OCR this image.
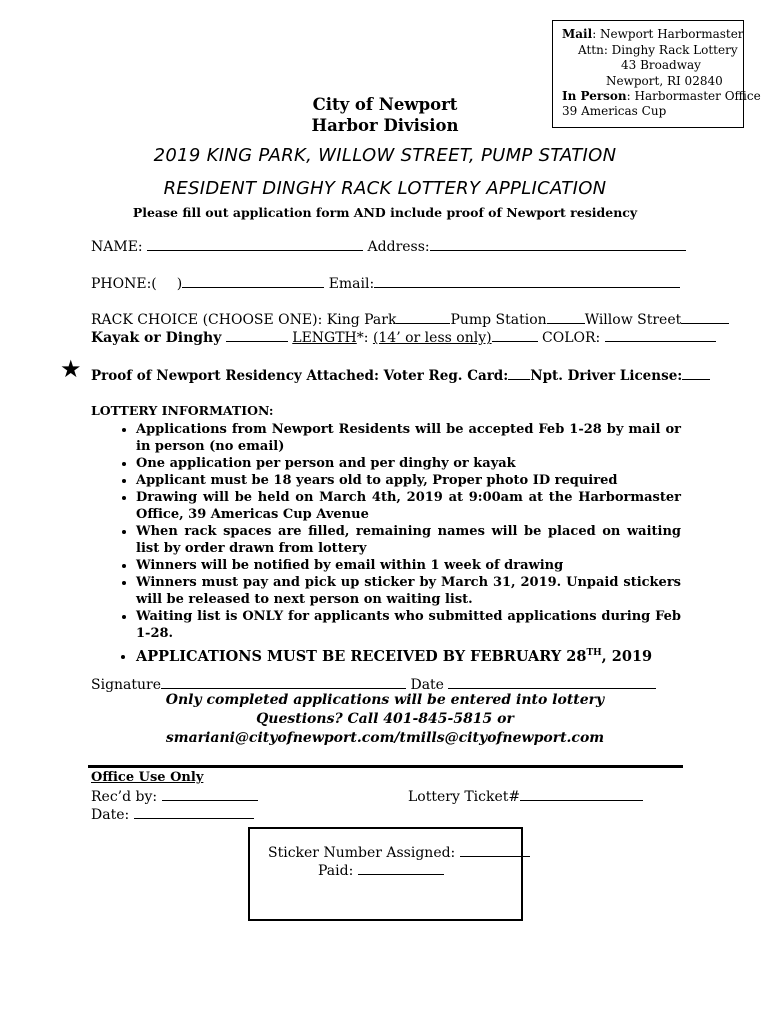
Mail: Newport Harbormaster
Attn: Dinghy Rack Lottery
43 Broadway
Newport, RI 02840
In Person: Harbormaster Office
39 Americas Cup
City of Newport
Harbor Division
2019 KING PARK, WILLOW STREET, PUMP STATION
RESIDENT DINGHY RACK LOTTERY APPLICATION
Please fill out application form AND include proof of Newport residency
NAME:	Address:
PHONE:( )	Email:
RACK CHOICE (CHOOSE ONE): King Park	Pump Station	Willow Street
Kayak or Dinghy	LENGTH*: (14’ or less only)	COLOR:
★ Proof of Newport Residency Attached: Voter Reg. Card: Npt. Driver License:
LOTTERY INFORMATION:
• Applications from Newport Residents will be accepted Feb 1-28 by mail or in person (no email)
• One application per person and per dinghy or kayak
• Applicant must be 18 years old to apply, Proper photo ID required
• Drawing will be held on March 4th, 2019 at 9:00am at the Harbormaster Office, 39 Americas Cup Avenue
• When rack spaces are filled, remaining names will be placed on waiting list by order drawn from lottery
• Winners will be notified by email within 1 week of drawing
• Winners must pay and pick up sticker by March 31, 2019. Unpaid stickers will be released to next person on waiting list.
• Waiting list is ONLY for applicants who submitted applications during Feb 1-28.
• APPLICATIONS MUST BE RECEIVED BY FEBRUARY 28TH, 2019
Signature	Date
Only completed applications will be entered into lottery
Questions? Call 401-845-5815 or
smariani@cityofnewport.com/tmills@cityofnewport.com
Office Use Only
Rec’d by:	Lottery Ticket#
Date:
Sticker Number Assigned:
Paid:
